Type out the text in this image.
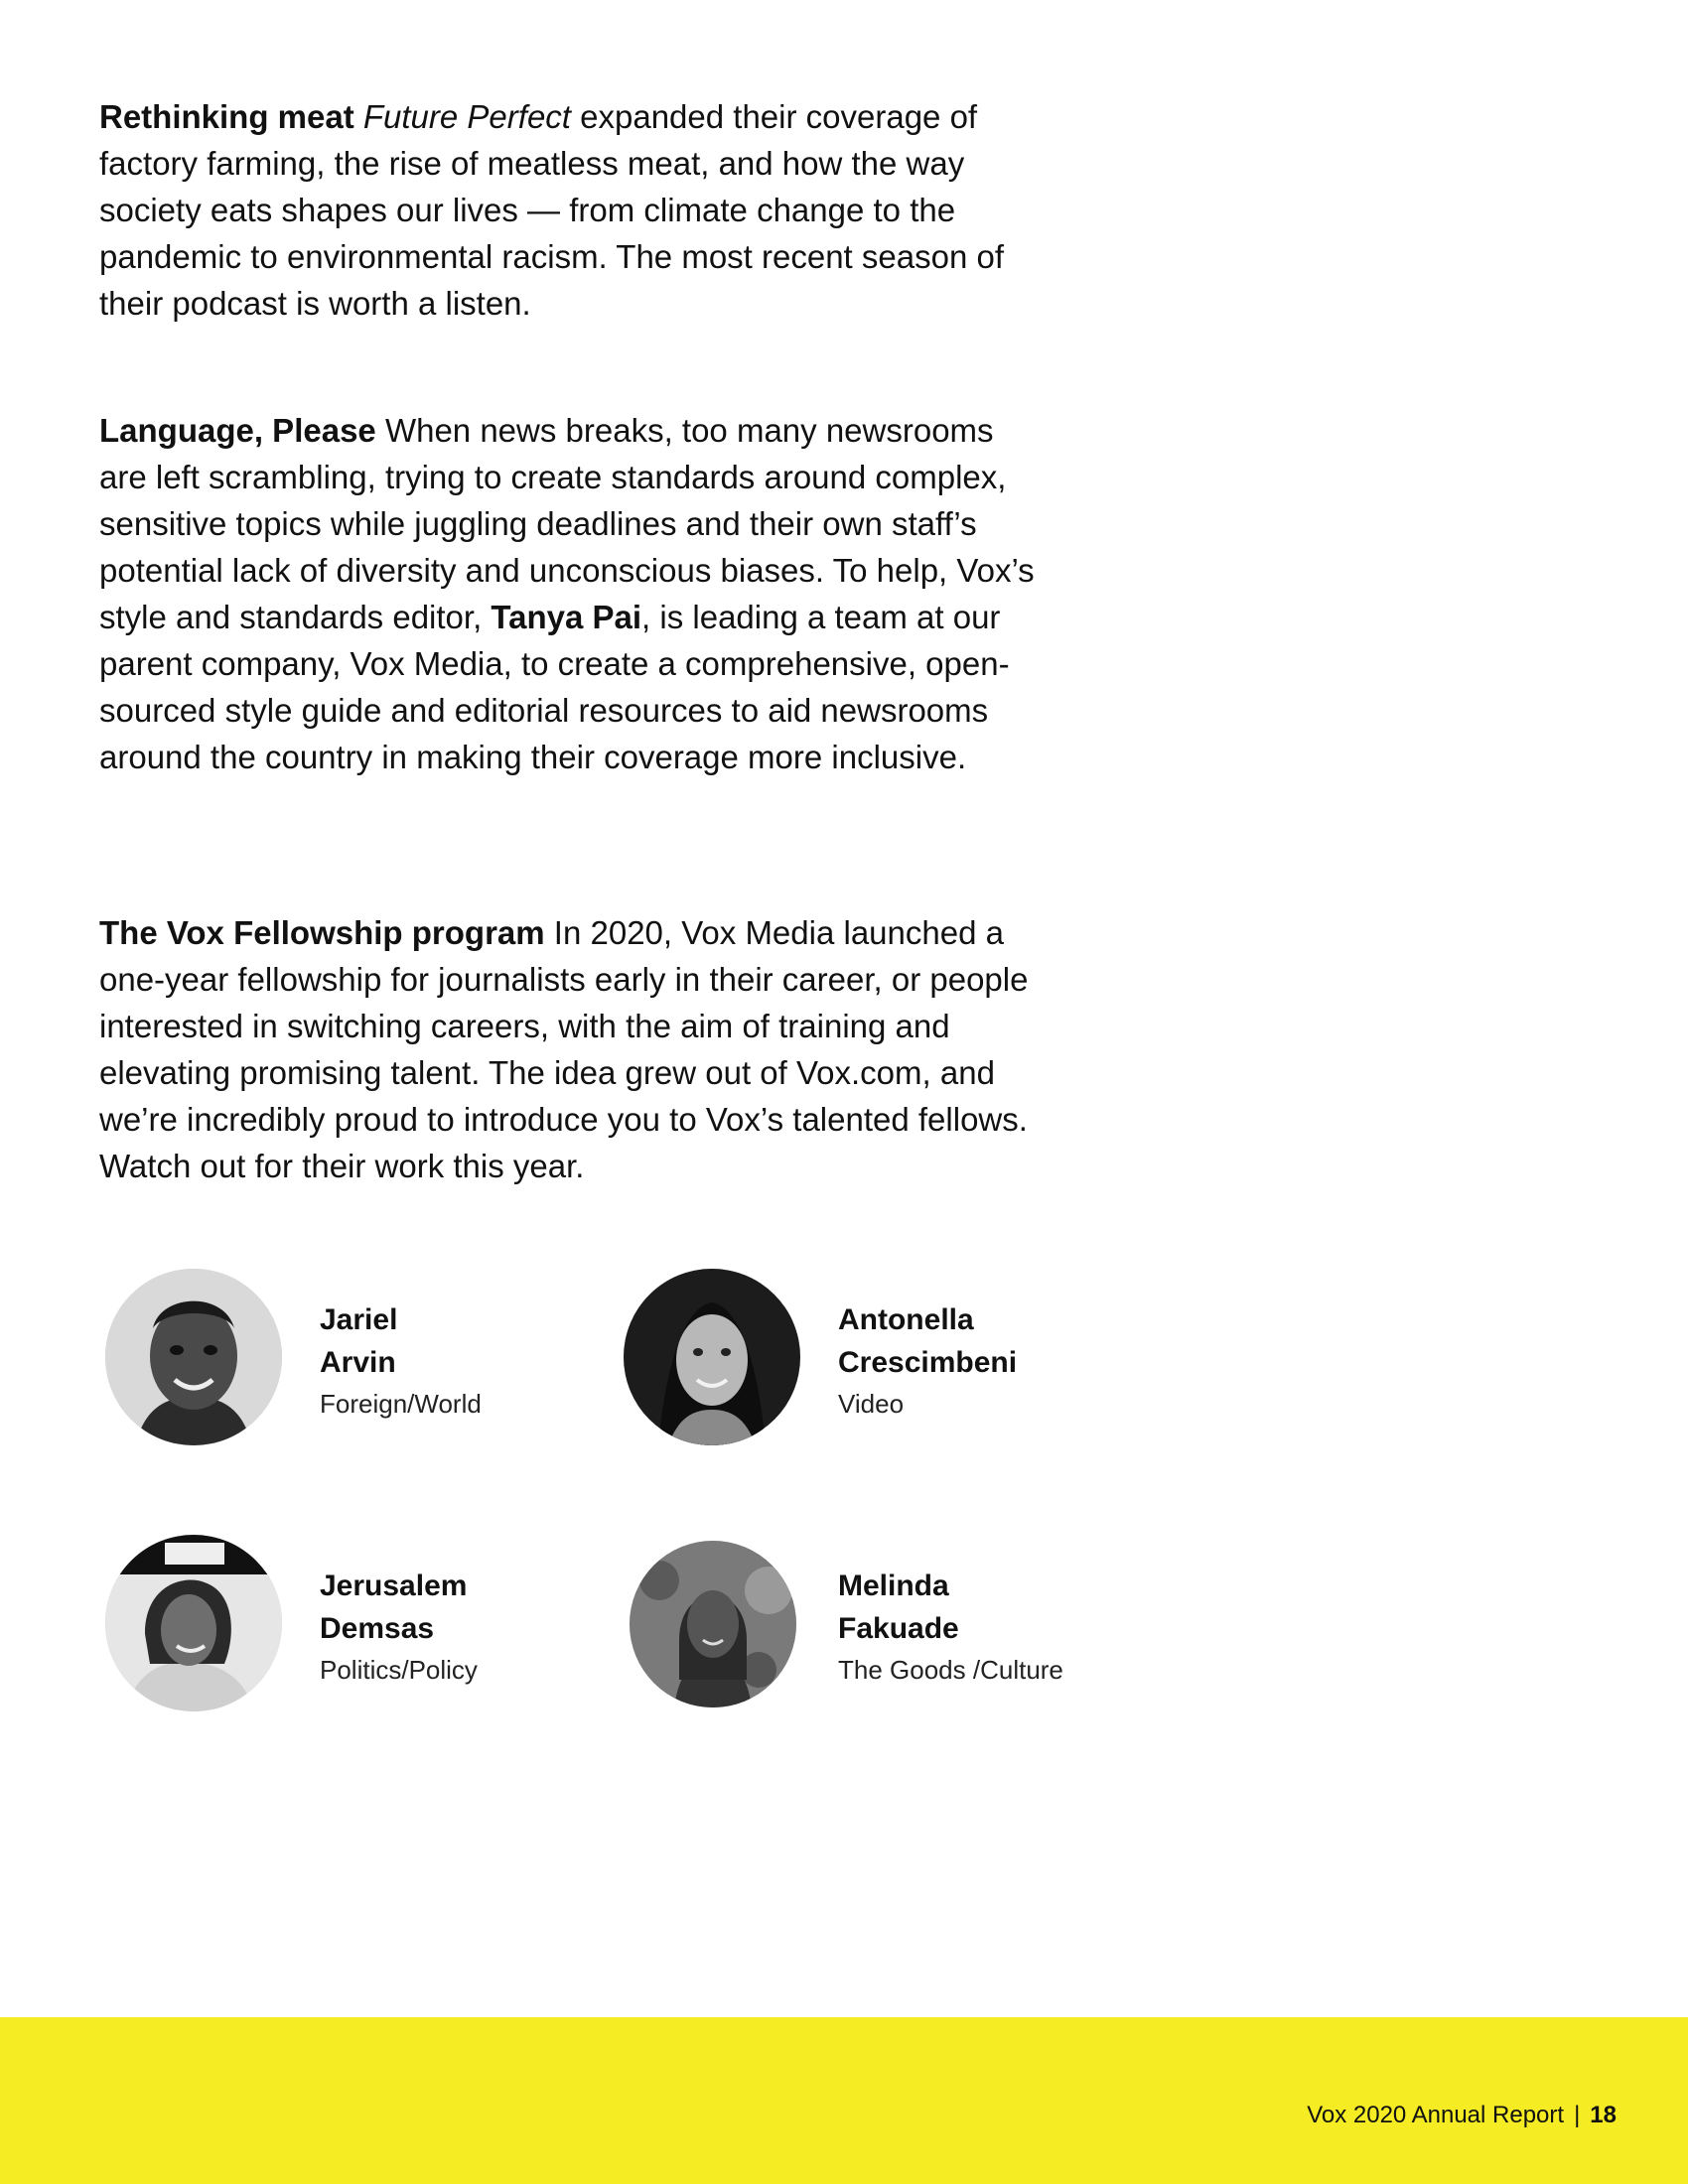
Rethinking meat Future Perfect expanded their coverage of factory farming, the rise of meatless meat, and how the way society eats shapes our lives — from climate change to the pandemic to environmental racism. The most recent season of their podcast is worth a listen.

Language, Please When news breaks, too many newsrooms are left scrambling, trying to create standards around complex, sensitive topics while juggling deadlines and their own staff’s potential lack of diversity and unconscious biases. To help, Vox’s style and standards editor, Tanya Pai, is leading a team at our parent company, Vox Media, to create a comprehensive, open-sourced style guide and editorial resources to aid newsrooms around the country in making their coverage more inclusive.

The Vox Fellowship program In 2020, Vox Media launched a one-year fellowship for journalists early in their career, or people interested in switching careers, with the aim of training and elevating promising talent. The idea grew out of Vox.com, and we’re incredibly proud to introduce you to Vox’s talented fellows. Watch out for their work this year.

Jariel
Arvin

Foreign/World

Antonella
Crescimbeni

Video

Jerusalem
Demsas

Politics/Policy

Melinda
Fakuade

The Goods /Culture

Vox 2020 Annual Report | 18
